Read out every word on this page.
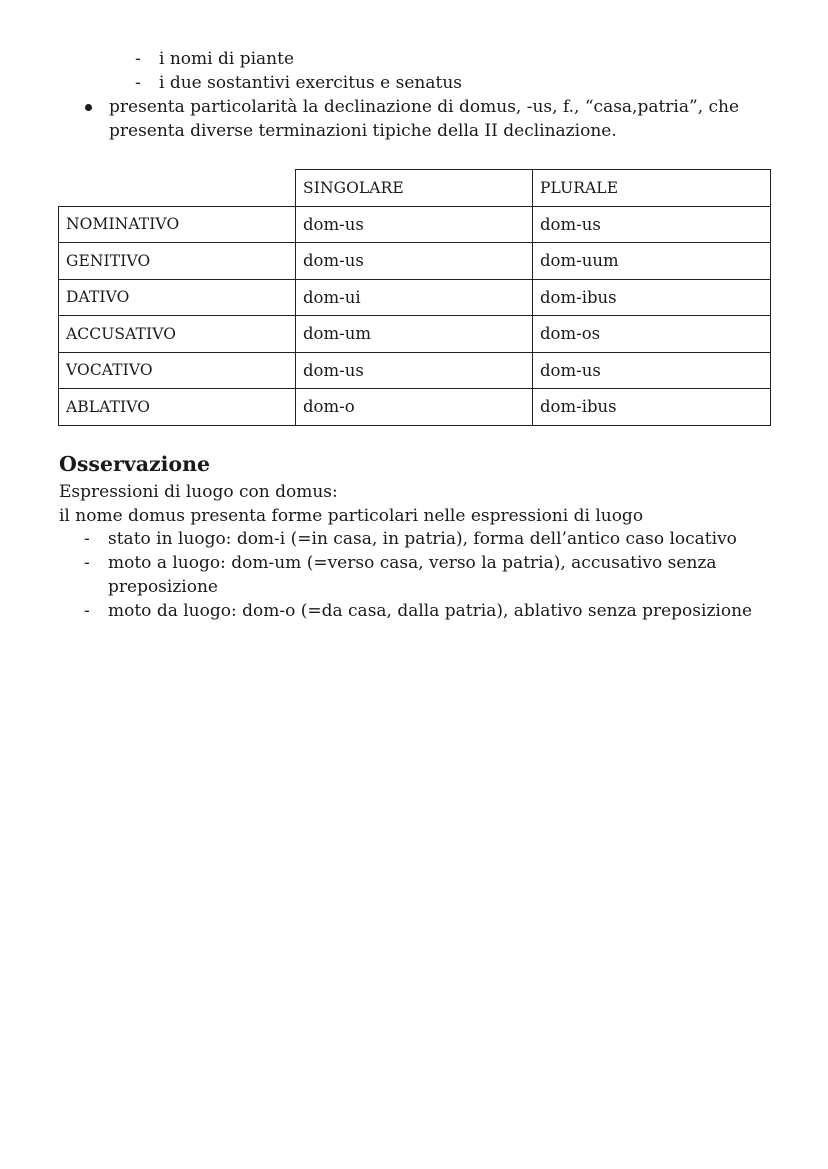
- i nomi di piante
- i due sostantivi exercitus e senatus
presenta particolarità la declinazione di domus, -us, f., “casa,patria”, che presenta diverse terminazioni tipiche della II declinazione.
	SINGOLARE	PLURALE
NOMINATIVO	dom-us	dom-us
GENITIVO	dom-us	dom-uum
DATIVO	dom-ui	dom-ibus
ACCUSATIVO	dom-um	dom-os
VOCATIVO	dom-us	dom-us
ABLATIVO	dom-o	dom-ibus
Osservazione
Espressioni di luogo con domus:
il nome domus presenta forme particolari nelle espressioni di luogo
- stato in luogo: dom-i (=in casa, in patria), forma dell’antico caso locativo
- moto a luogo: dom-um (=verso casa, verso la patria), accusativo senza preposizione
- moto da luogo: dom-o (=da casa, dalla patria), ablativo senza preposizione
